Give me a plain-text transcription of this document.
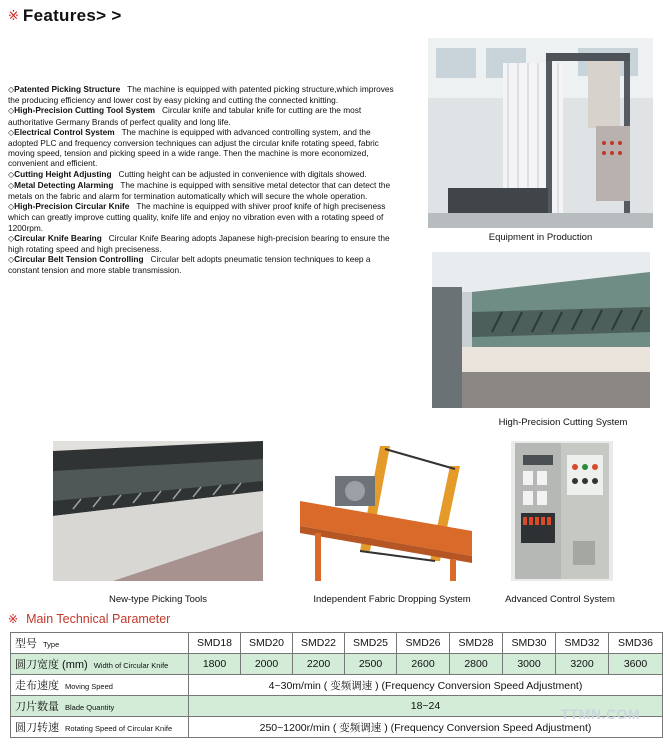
※ Features> >

◇Patented Picking Structure The machine is equipped with patented picking structure,which improves the producing efficiency and lower cost by easy picking and cutting the connected knitting.

◇High-Precision Cutting Tool System Circular knife and tabular knife for cutting are the most authoritative Germany Brands of perfect quality and long life.

◇Electrical Control System The machine is equipped with advanced controlling system, and the adopted PLC and frequency conversion techniques can adjust the circular knife rotating speed, fabric moving speed, tension and picking speed in a wide range. Then the machine is more economized, convenient and efficient.

◇Cutting Height Adjusting Cutting height can be adjusted in convenience with digitals showed.

◇Metal Detecting Alarming The machine is equipped with sensitive metal detector that can detect the metals on the fabric and alarm for termination automatically which will secure the whole operation.

◇High-Precision Circular Knife The machine is equipped with shiver proof knife of high preciseness which can greatly improve cutting quality, knife life and enjoy no vibration even with a rotating speed of 1200rpm.

◇Circular Knife Bearing Circular Knife Bearing adopts Japanese high-precision bearing to ensure the high rotating speed and high preciseness.

◇Circular Belt Tension Controlling Circular belt adopts pneumatic tension techniques to keep a constant tension and more stable transmission.

Equipment in Production
High-Precision Cutting System
New-type Picking Tools	Independent Fabric Dropping System	Advanced Control System
※ Main Technical Parameter
型号 Type	SMD18	SMD20	SMD22	SMD25	SMD26	SMD28	SMD30	SMD32	SMD36
圆刀宽度 (mm) Width of Circular Knife	1800	2000	2200	2500	2600	2800	3000	3200	3600
走布速度 Moving Speed	4~30m/min ( 变频调速 ) (Frequency Conversion Speed Adjustment)								
刀片数量 Blade Quantity	18~24								
圆刀转速 Rotating Speed of Circular Knife	250~1200r/min ( 变频调速 ) (Frequency Conversion Speed Adjustment)								
TTMN.COM
